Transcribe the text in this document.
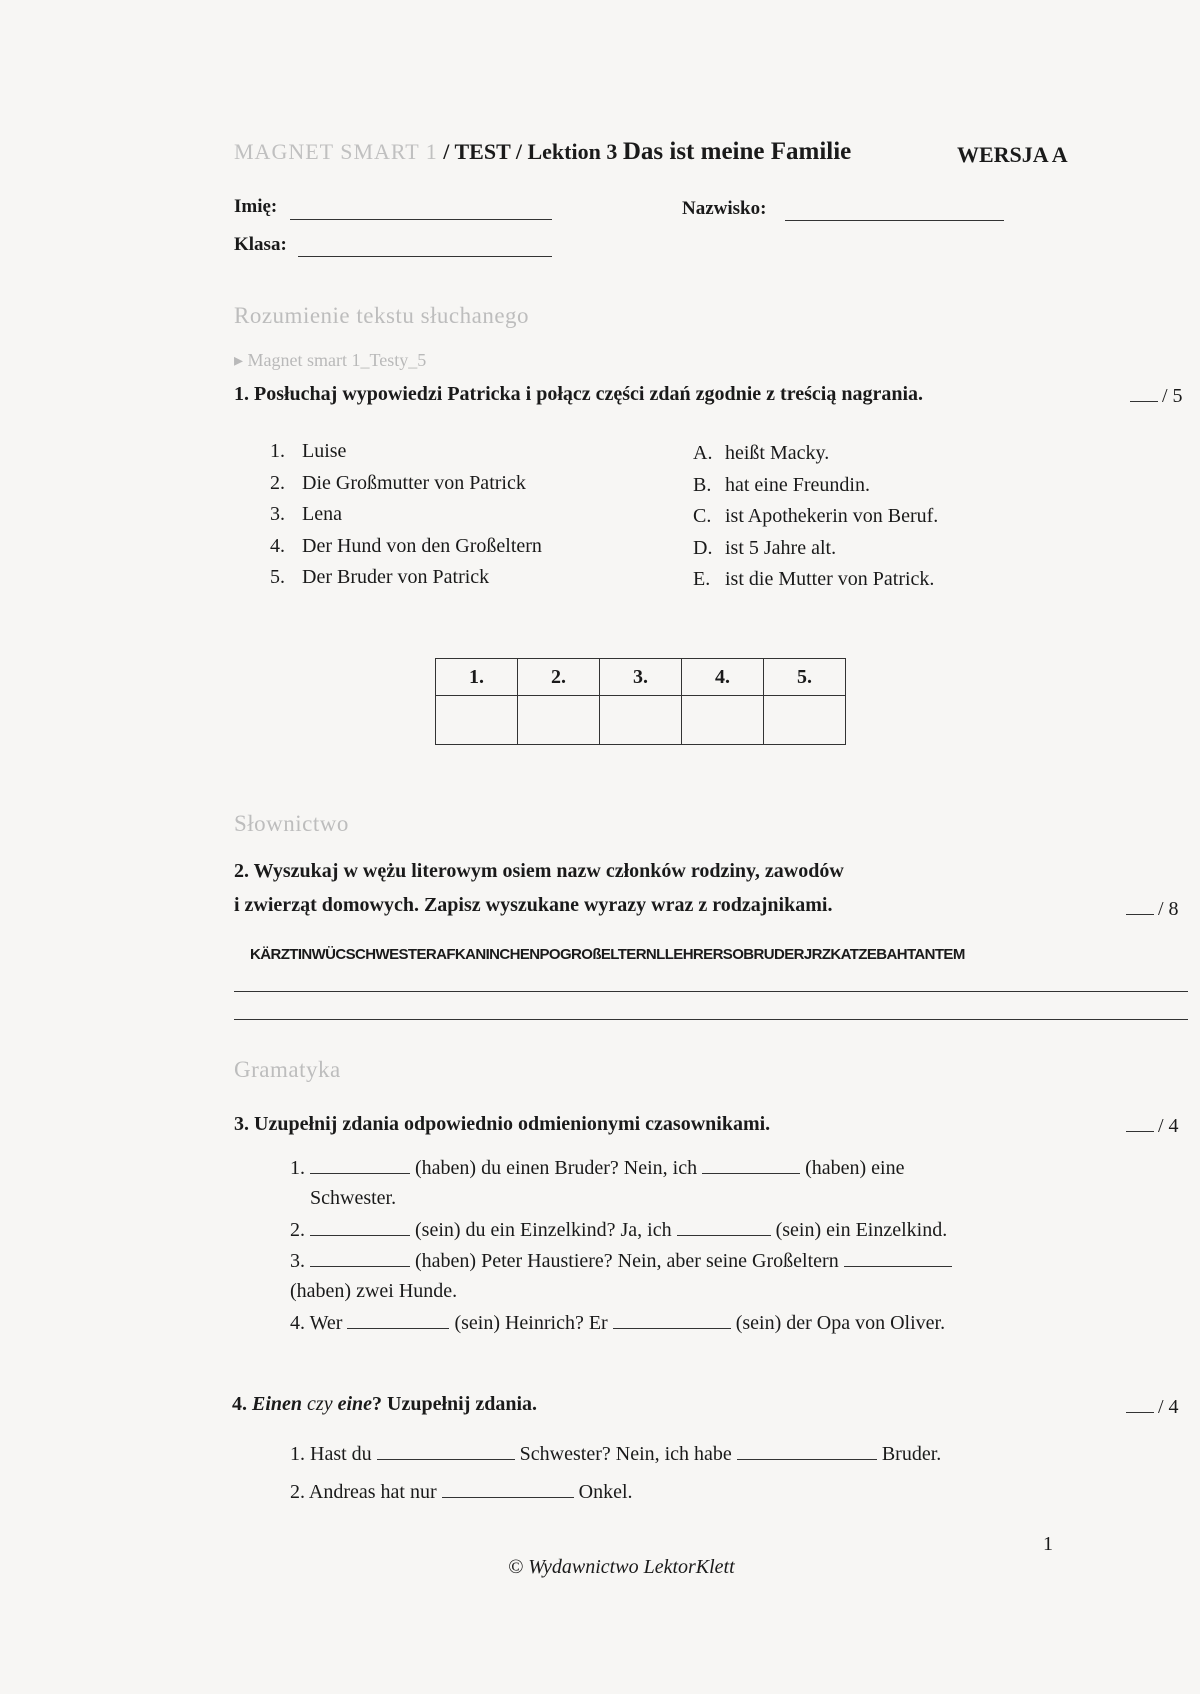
MAGNET SMART 1 / TEST / Lektion 3 Das ist meine Familie	WERSJA A
Imię:	Nazwisko:
Klasa:
Rozumienie tekstu słuchanego
▸ Magnet smart 1_Testy_5
1. Posłuchaj wypowiedzi Patricka i połącz części zdań zgodnie z treścią nagrania.	/ 5
1. Luise
2. Die Großmutter von Patrick
3. Lena
4. Der Hund von den Großeltern
5. Der Bruder von Patrick
A. heißt Macky.
B. hat eine Freundin.
C. ist Apothekerin von Beruf.
D. ist 5 Jahre alt.
E. ist die Mutter von Patrick.
1.	2.	3.	4.	5.

Słownictwo
2. Wyszukaj w wężu literowym osiem nazw członków rodziny, zawodów
i zwierząt domowych. Zapisz wyszukane wyrazy wraz z rodzajnikami.	/ 8
KÄRZTINWÜCSCHWESTERAFKANINCHENPOGROßELTERNLLEHRERSOBRUDERJRZKATZEBAHTANTEM
Gramatyka
3. Uzupełnij zdania odpowiednio odmienionymi czasownikami.	/ 4
1.	(haben) du einen Bruder? Nein, ich	(haben) eine
Schwester.
2.	(sein) du ein Einzelkind? Ja, ich	(sein) ein Einzelkind.
3.	(haben) Peter Haustiere? Nein, aber seine Großeltern
(haben) zwei Hunde.
4. Wer	(sein) Heinrich? Er	(sein) der Opa von Oliver.
4. Einen czy eine? Uzupełnij zdania.	/ 4
1. Hast du	Schwester? Nein, ich habe	Bruder.
2. Andreas hat nur	Onkel.
1
© Wydawnictwo LektorKlett
